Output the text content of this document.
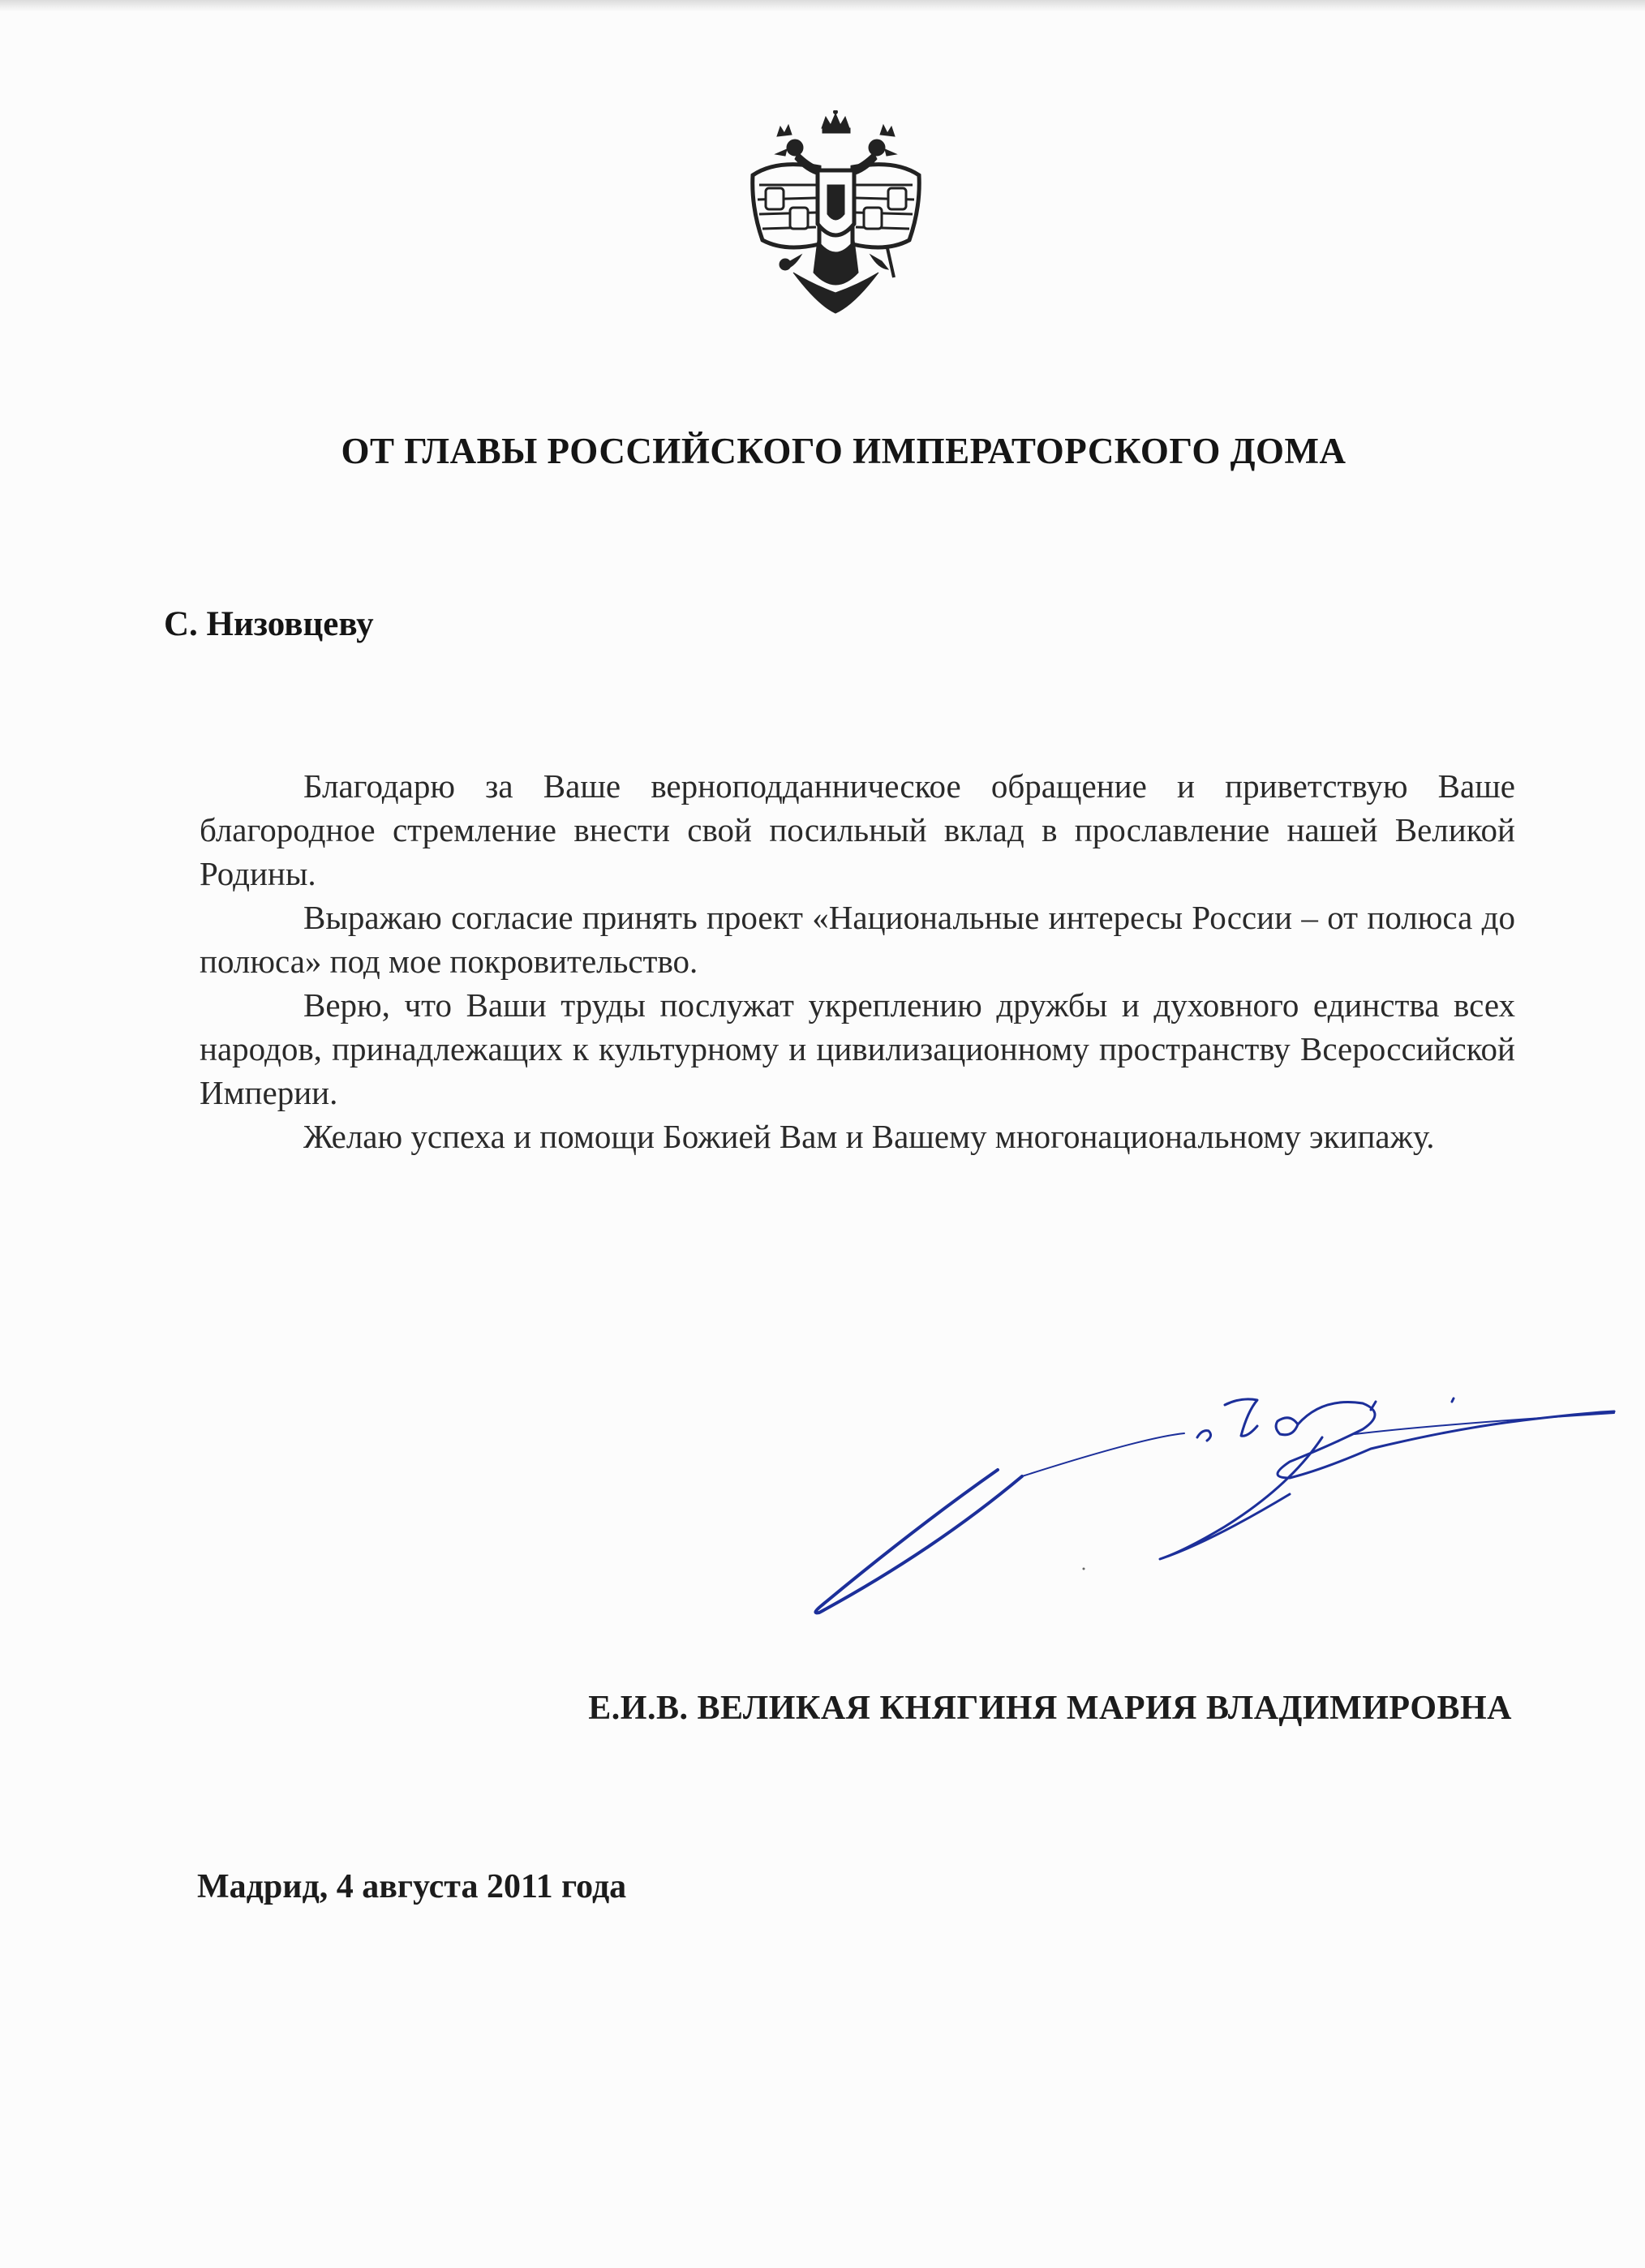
ОТ ГЛАВЫ РОССИЙСКОГО ИМПЕРАТОРСКОГО ДОМА
С. Низовцеву

Благодарю за Ваше верноподданническое обращение и приветствую Ваше благородное стремление внести свой посильный вклад в прославление нашей Великой Родины.

Выражаю согласие принять проект «Национальные интересы России – от полюса до полюса» под мое покровительство.

Верю, что Ваши труды послужат укреплению дружбы и духовного единства всех народов, принадлежащих к культурному и цивилизационному пространству Всероссийской Империи.

Желаю успеха и помощи Божией Вам и Вашему многонациональному экипажу.

Е.И.В. ВЕЛИКАЯ КНЯГИНЯ МАРИЯ ВЛАДИМИРОВНА
Мадрид, 4 августа 2011 года
